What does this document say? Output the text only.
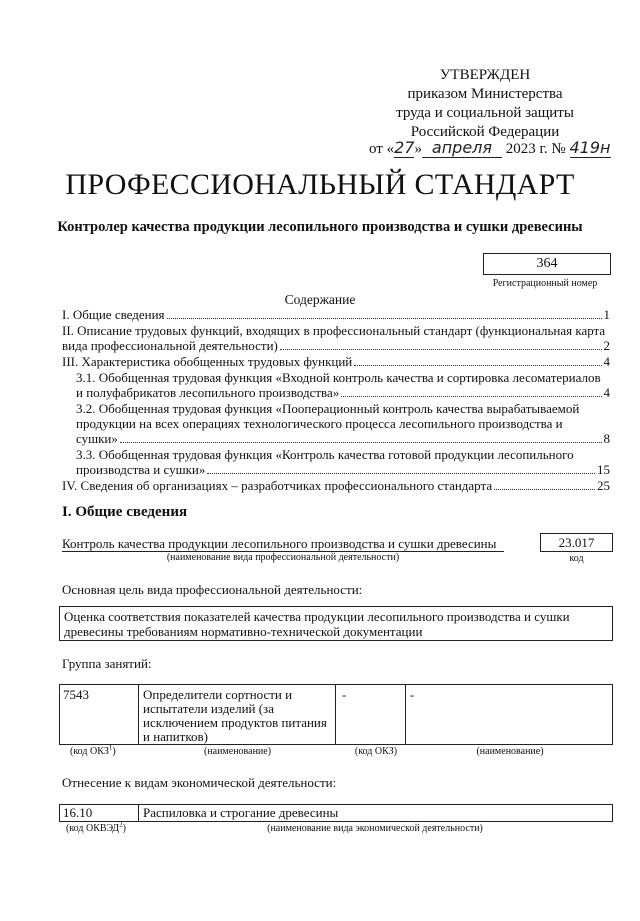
УТВЕРЖДЕН
приказом Министерства
труда и социальной защиты
Российской Федерации
от «27» апреля 2023 г. № 419н
ПРОФЕССИОНАЛЬНЫЙ СТАНДАРТ
Контролер качества продукции лесопильного производства и сушки древесины
364
Регистрационный номер
Содержание
I. Общие сведения	1
II. Описание трудовых функций, входящих в профессиональный стандарт (функциональная карта
вида профессиональной деятельности)	2
III. Характеристика обобщенных трудовых функций	4
3.1. Обобщенная трудовая функция «Входной контроль качества и сортировка лесоматериалов
и полуфабрикатов лесопильного производства»	4
3.2. Обобщенная трудовая функция «Пооперационный контроль качества вырабатываемой
продукции на всех операциях технологического процесса лесопильного производства и
сушки»	8
3.3. Обобщенная трудовая функция «Контроль качества готовой продукции лесопильного
производства и сушки»	15
IV. Сведения об организациях – разработчиках профессионального стандарта	25
I. Общие сведения
Контроль качества продукции лесопильного производства и сушки древесины
(наименование вида профессиональной деятельности)
23.017
код
Основная цель вида профессиональной деятельности:
Оценка соответствия показателей качества продукции лесопильного производства и сушки
древесины требованиям нормативно-технической документации
Группа занятий:
7543	Определители сортности и
испытатели изделий (за
исключением продуктов питания
и напитков)
-	-
(код ОКЗ$^1$)	(наименование)	(код ОКЗ)	(наименование)
Отнесение к видам экономической деятельности:
16.10	Распиловка и строгание древесины
(код ОКВЭД$^2$)	(наименование вида экономической деятельности)
